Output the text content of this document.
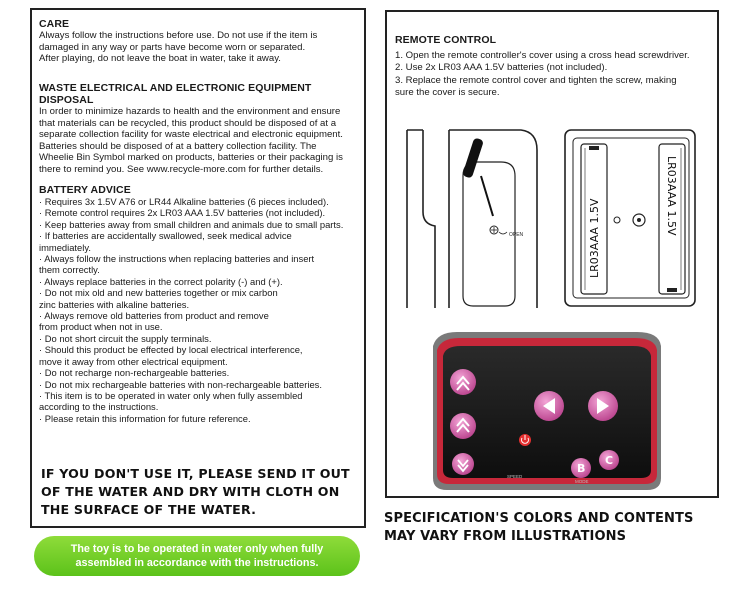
CARE
Always follow the instructions before use. Do not use if the item is
damaged in any way or parts have become worn or separated.
After playing, do not leave the boat in water, take it away.
WASTE ELECTRICAL AND ELECTRONIC EQUIPMENT DISPOSAL
In order to minimize hazards to health and the environment and ensure
that materials can be recycled, this product should be disposed of at a
separate collection facility for waste electrical and electronic equipment.
Batteries should be disposed of at a battery collection facility. The
Wheelie Bin Symbol marked on products, batteries or their packaging is
there to remind you. See www.recycle-more.com for further details.
BATTERY ADVICE
· Requires 3x 1.5V A76 or LR44 Alkaline batteries (6 pieces included).
· Remote control requires 2x LR03 AAA 1.5V batteries (not included).
· Keep batteries away from small children and animals due to small parts.
· If batteries are accidentally swallowed, seek medical advice
immediately.
· Always follow the instructions when replacing batteries and insert
them correctly.
· Always replace batteries in the correct polarity (-) and (+).
· Do not mix old and new batteries together or mix carbon
zinc batteries with alkaline batteries.
· Always remove old batteries from product and remove
from product when not in use.
· Do not short circuit the supply terminals.
· Should this product be effected by local electrical interference,
move it away from other electrical equipment.
· Do not recharge non-rechargeable batteries.
· Do not mix rechargeable batteries with non-rechargeable batteries.
· This item is to be operated in water only when fully assembled
according to the instructions.
· Please retain this information for future reference.
IF YOU DON'T USE IT, PLEASE SEND IT OUT
OF THE WATER AND DRY WITH CLOTH ON
THE SURFACE OF THE WATER.
The toy is to be operated in water only when fully
assembled in accordance with the instructions.
REMOTE CONTROL
1. Open the remote controller's cover using a cross head screwdriver.
2. Use 2x LR03 AAA 1.5V batteries (not included).
3. Replace the remote control cover and tighten the screw, making
sure the cover is secure.
OPEN	LR03AAA 1.5V
LR03AAA 1.5V
B
C
SPEED
MODE
SPECIFICATION'S COLORS AND CONTENTS
MAY VARY FROM ILLUSTRATIONS
